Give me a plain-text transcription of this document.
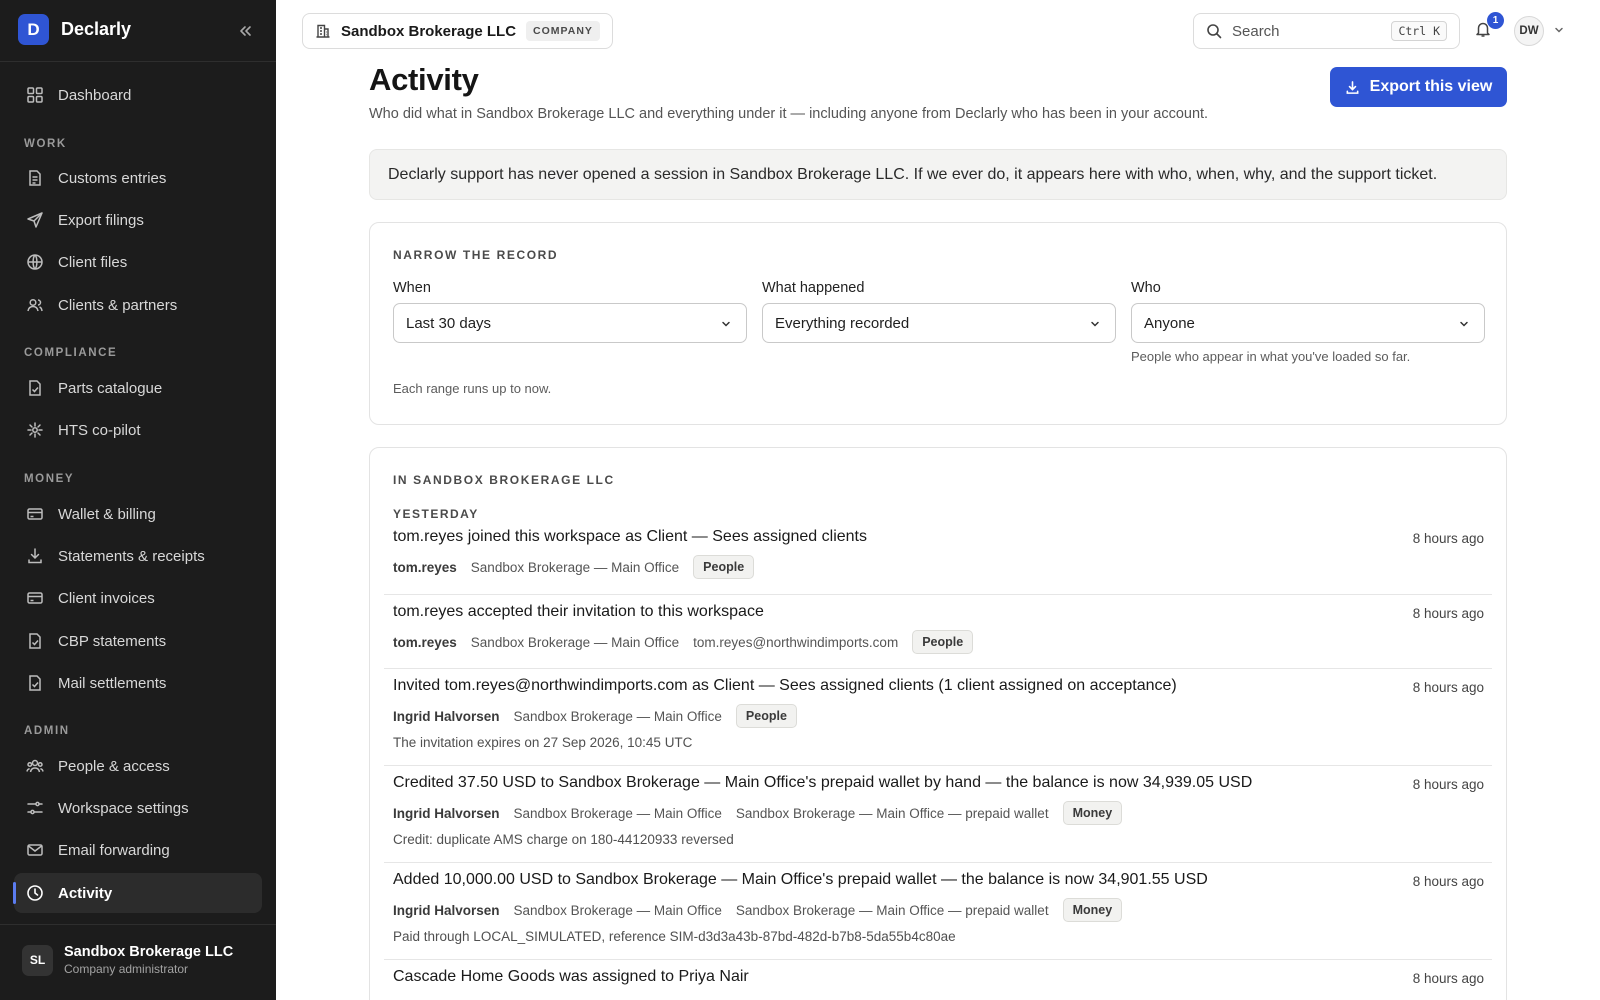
D	Declarly
Dashboard
WORK
Customs entries
Export filings
Client files
Clients & partners
COMPLIANCE
Parts catalogue
HTS co-pilot
MONEY
Wallet & billing
Statements & receipts
Client invoices
CBP statements
Mail settlements
ADMIN
People & access
Workspace settings
Email forwarding
Activity
SL	Sandbox Brokerage LLC
Company administrator
Sandbox Brokerage LLC	COMPANY	Search	Ctrl K
1
DW
Activity

Who did what in Sandbox Brokerage LLC and everything under it — including anyone from Declarly who has been in your account.

Export this view
Declarly support has never opened a session in Sandbox Brokerage LLC. If we ever do, it appears here with who, when, why, and the support ticket.
NARROW THE RECORD
When
Last 30 days
Each range runs up to now.
What happened
Everything recorded
Who
Anyone
People who appear in what you've loaded so far.
IN SANDBOX BROKERAGE LLC
YESTERDAY
tom.reyes joined this workspace as Client — Sees assigned clients	8 hours ago
tom.reyes Sandbox Brokerage — Main Office	People
tom.reyes accepted their invitation to this workspace	8 hours ago
tom.reyes Sandbox Brokerage — Main Office tom.reyes@northwindimports.com	People
Invited tom.reyes@northwindimports.com as Client — Sees assigned clients (1 client assigned on acceptance)	8 hours ago
Ingrid Halvorsen Sandbox Brokerage — Main Office	People
The invitation expires on 27 Sep 2026, 10:45 UTC
Credited 37.50 USD to Sandbox Brokerage — Main Office's prepaid wallet by hand — the balance is now 34,939.05 USD	8 hours ago
Ingrid Halvorsen Sandbox Brokerage — Main Office Sandbox Brokerage — Main Office — prepaid wallet	Money
Credit: duplicate AMS charge on 180-44120933 reversed
Added 10,000.00 USD to Sandbox Brokerage — Main Office's prepaid wallet — the balance is now 34,901.55 USD	8 hours ago
Ingrid Halvorsen Sandbox Brokerage — Main Office Sandbox Brokerage — Main Office — prepaid wallet	Money
Paid through LOCAL_SIMULATED, reference SIM-d3d3a43b-87bd-482d-b7b8-5da55b4c80ae
Cascade Home Goods was assigned to Priya Nair	8 hours ago
